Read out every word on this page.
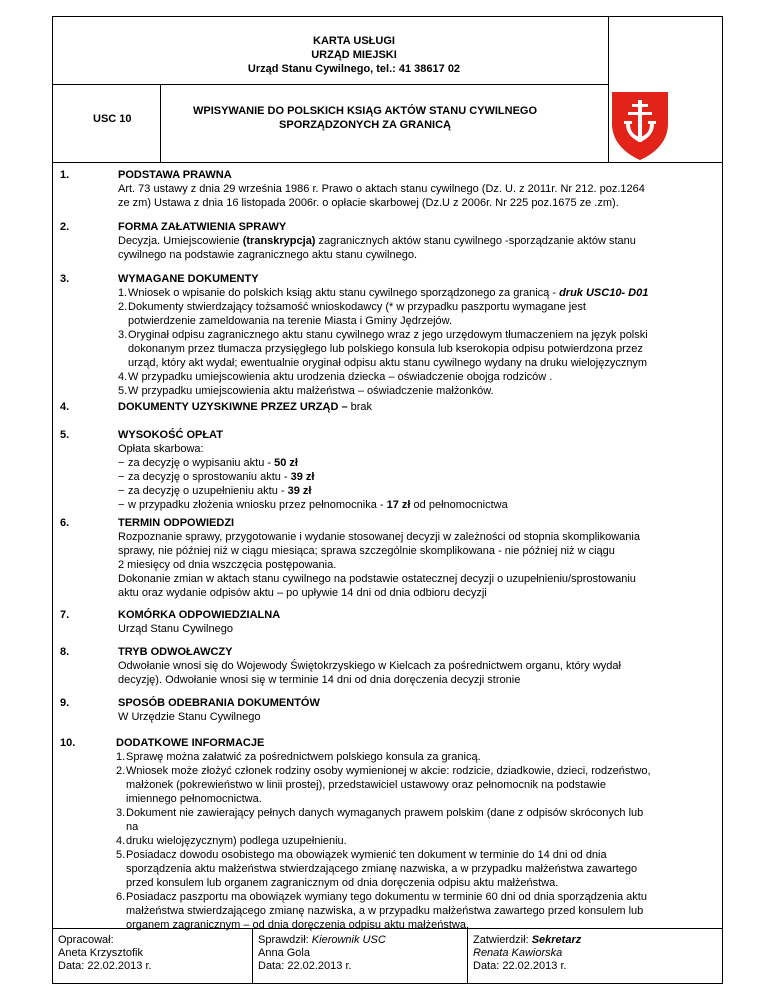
KARTA USŁUGI
URZĄD MIEJSKI
Urząd Stanu Cywilnego, tel.: 41 38617 02
USC 10
WPISYWANIE DO POLSKICH KSIĄG AKTÓW STANU CYWILNEGO
SPORZĄDZONYCH ZA GRANICĄ
1.	PODSTAWA PRAWNA
Art. 73 ustawy z dnia 29 września 1986 r. Prawo o aktach stanu cywilnego (Dz. U. z 2011r. Nr 212. poz.1264
ze zm) Ustawa z dnia 16 listopada 2006r. o opłacie skarbowej (Dz.U z 2006r. Nr 225 poz.1675 ze .zm).
2.	FORMA ZAŁATWIENIA SPRAWY
Decyzja. Umiejscowienie (transkrypcja) zagranicznych aktów stanu cywilnego -sporządzanie aktów stanu
cywilnego na podstawie zagranicznego aktu stanu cywilnego.
3.	WYMAGANE DOKUMENTY
1. Wniosek o wpisanie do polskich ksiąg aktu stanu cywilnego sporządzonego za granicą - druk USC10- D01
2. Dokumenty stwierdzający tożsamość wnioskodawcy (* w przypadku paszportu wymagane jest
potwierdzenie zameldowania na terenie Miasta i Gminy Jędrzejów.
3. Oryginał odpisu zagranicznego aktu stanu cywilnego wraz z jego urzędowym tłumaczeniem na język polski
dokonanym przez tłumacza przysięgłego lub polskiego konsula lub kserokopia odpisu potwierdzona przez
urząd, który akt wydał; ewentualnie oryginał odpisu aktu stanu cywilnego wydany na druku wielojęzycznym
4. W przypadku umiejscowienia aktu urodzenia dziecka – oświadczenie obojga rodziców .
5. W przypadku umiejscowienia aktu małżeństwa – oświadczenie małżonków.
4.	DOKUMENTY UZYSKIWNE PRZEZ URZĄD – brak
5.	WYSOKOŚĆ OPŁAT
Opłata skarbowa:
− za decyzję o wypisaniu aktu - 50 zł
− za decyzję o sprostowaniu aktu - 39 zł
− za decyzję o uzupełnieniu aktu - 39 zł
− w przypadku złożenia wniosku przez pełnomocnika - 17 zł od pełnomocnictwa
6.	TERMIN ODPOWIEDZI
Rozpoznanie sprawy, przygotowanie i wydanie stosowanej decyzji w zależności od stopnia skomplikowania
sprawy, nie później niż w ciągu miesiąca; sprawa szczególnie skomplikowana - nie później niż w ciągu
2 miesięcy od dnia wszczęcia postępowania.
Dokonanie zmian w aktach stanu cywilnego na podstawie ostatecznej decyzji o uzupełnieniu/sprostowaniu
aktu oraz wydanie odpisów aktu – po upływie 14 dni od dnia odbioru decyzji
7.	KOMÓRKA ODPOWIEDZIALNA
Urząd Stanu Cywilnego
8.	TRYB ODWOŁAWCZY
Odwołanie wnosi się do Wojewody Świętokrzyskiego w Kielcach za pośrednictwem organu, który wydał
decyzję). Odwołanie wnosi się w terminie 14 dni od dnia doręczenia decyzji stronie
9.	SPOSÓB ODEBRANIA DOKUMENTÓW
W Urzędzie Stanu Cywilnego
10.	DODATKOWE INFORMACJE
1. Sprawę można załatwić za pośrednictwem polskiego konsula za granicą.
2. Wniosek może złożyć członek rodziny osoby wymienionej w akcie: rodzicie, dziadkowie, dzieci, rodzeństwo,
małżonek (pokrewieństwo w linii prostej), przedstawiciel ustawowy oraz pełnomocnik na podstawie
imiennego pełnomocnictwa.
3. Dokument nie zawierający pełnych danych wymaganych prawem polskim (dane z odpisów skróconych lub
na
4. druku wielojęzycznym) podlega uzupełnieniu.
5. Posiadacz dowodu osobistego ma obowiązek wymienić ten dokument w terminie do 14 dni od dnia
sporządzenia aktu małżeństwa stwierdzającego zmianę nazwiska, a w przypadku małżeństwa zawartego
przed konsulem lub organem zagranicznym od dnia doręczenia odpisu aktu małżeństwa.
6. Posiadacz paszportu ma obowiązek wymiany tego dokumentu w terminie 60 dni od dnia sporządzenia aktu
małżeństwa stwierdzającego zmianę nazwiska, a w przypadku małżeństwa zawartego przed konsulem lub
organem zagranicznym – od dnia doręczenia odpisu aktu małżeństwa.
Opracował:
Aneta Krzysztofik
Data: 22.02.2013 r.
Sprawdził: Kierownik USC
Anna Gola
Data: 22.02.2013 r.
Zatwierdził: Sekretarz
Renata Kawiorska
Data: 22.02.2013 r.
